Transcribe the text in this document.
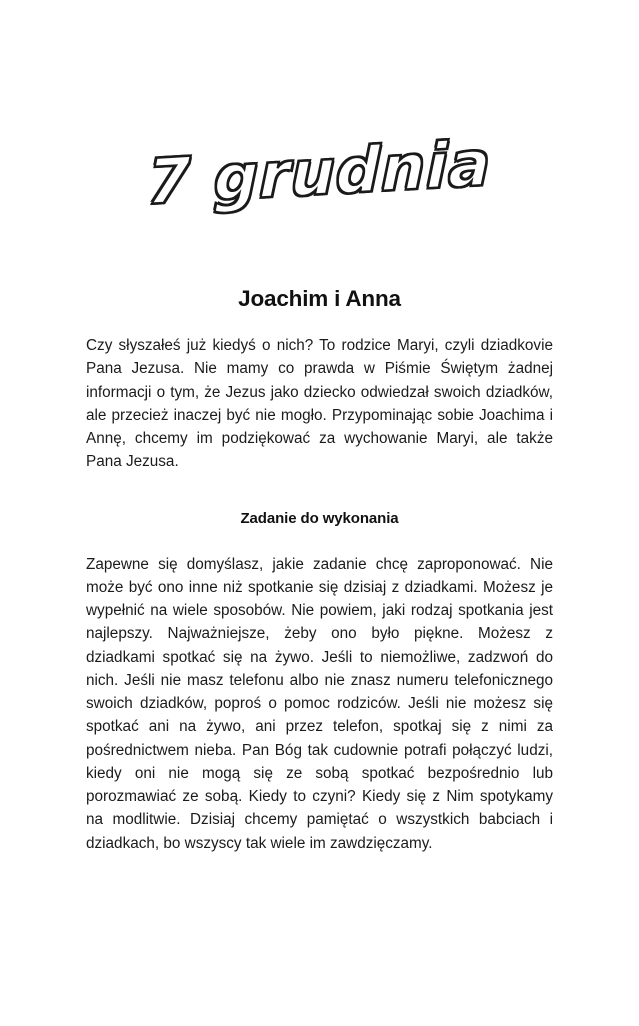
7 grudnia
Joachim i Anna

Czy słyszałeś już kiedyś o nich? To rodzice Maryi, czyli dziadkovie Pana Jezusa. Nie mamy co prawda w Piśmie Świętym żadnej informacji o tym, że Jezus jako dziecko odwiedzał swoich dziadków, ale przecież inaczej być nie mogło. Przypominając sobie Joachima i Annę, chcemy im podziękować za wychowanie Maryi, ale także Pana Jezusa.

Zadanie do wykonania

Zapewne się domyślasz, jakie zadanie chcę zaproponować. Nie może być ono inne niż spotkanie się dzisiaj z dziadkami. Możesz je wypełnić na wiele sposobów. Nie powiem, jaki rodzaj spotkania jest najlepszy. Najważniejsze, żeby ono było piękne. Możesz z dziadkami spotkać się na żywo. Jeśli to niemożliwe, zadzwoń do nich. Jeśli nie masz telefonu albo nie znasz numeru telefonicznego swoich dziadków, poproś o pomoc rodziców. Jeśli nie możesz się spotkać ani na żywo, ani przez telefon, spotkaj się z nimi za pośrednictwem nieba. Pan Bóg tak cudownie potrafi połączyć ludzi, kiedy oni nie mogą się ze sobą spotkać bezpośrednio lub porozmawiać ze sobą. Kiedy to czyni? Kiedy się z Nim spotykamy na modlitwie. Dzisiaj chcemy pamiętać o wszystkich babciach i dziadkach, bo wszyscy tak wiele im zawdzięczamy.
